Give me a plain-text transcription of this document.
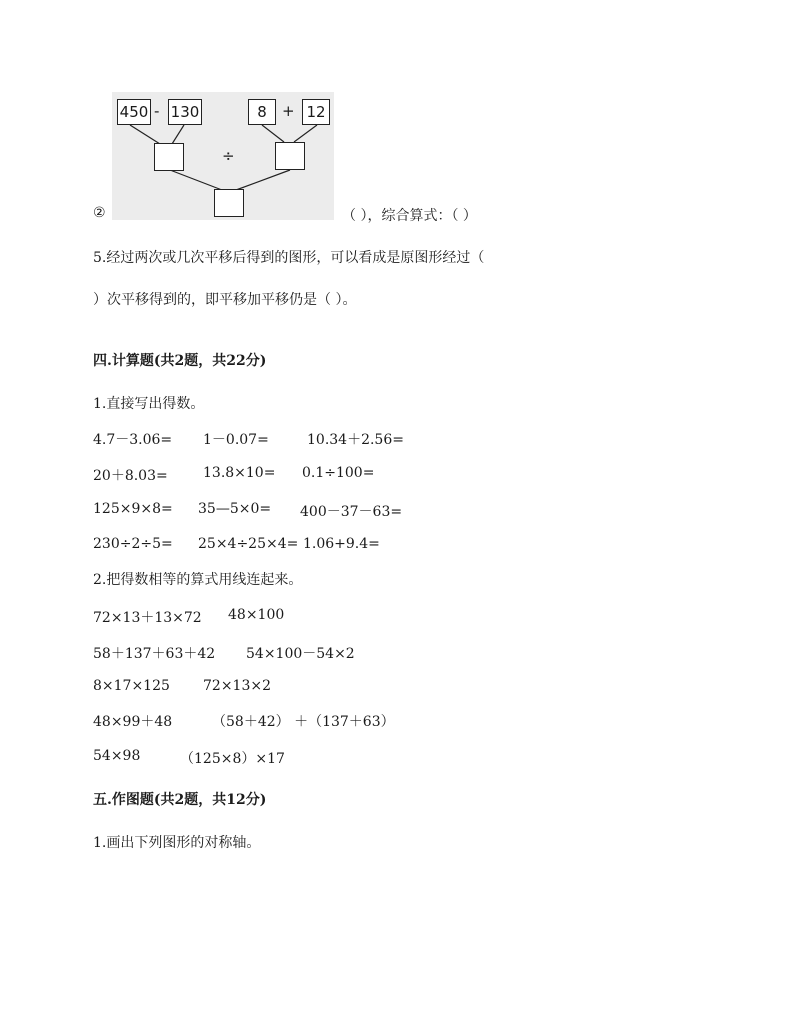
450 - 130	8	+ 12
÷
②	（ ），综合算式：（ ）
5.经过两次或几次平移后得到的图形，可以看成是原图形经过（
）次平移得到的，即平移加平移仍是（ ）。
四.计算题(共2题，共22分)
1.直接写出得数。
4.7－3.06= 1－0.07=	10.34＋2.56=
20＋8.03=	13.8×10= 0.1÷100=
125×9×8= 35—5×0= 400－37－63=
230÷2÷5= 25×4÷25×4= 1.06+9.4=
2.把得数相等的算式用线连起来。
72×13＋13×72 48×100
58＋137＋63＋42 54×100－54×2
8×17×125 72×13×2
48×99＋48	（58＋42） ＋（137＋63）
54×98	（125×8）×17
五.作图题(共2题，共12分)
1.画出下列图形的对称轴。
